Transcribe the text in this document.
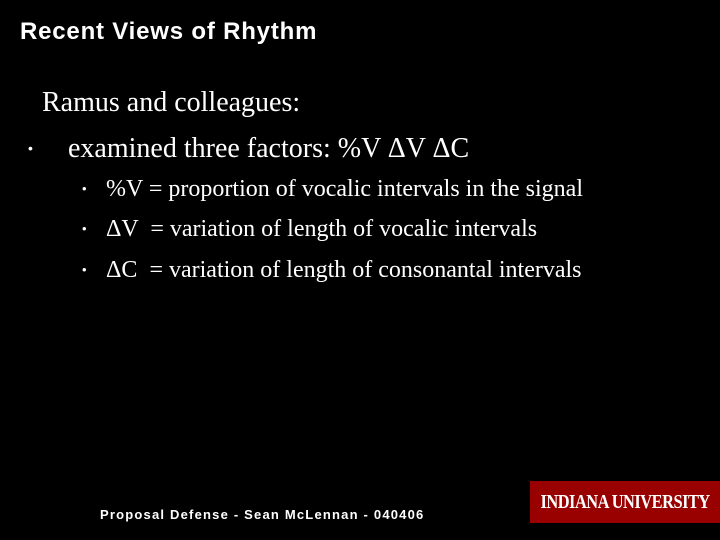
Recent Views of Rhythm
Ramus and colleagues:
•	examined three factors: %V ΔV ΔC
• %V = proportion of vocalic intervals in the signal
• ΔV  = variation of length of vocalic intervals
• ΔC  = variation of length of consonantal intervals
Proposal Defense - Sean McLennan - 040406
INDIANA UNIVERSITY
